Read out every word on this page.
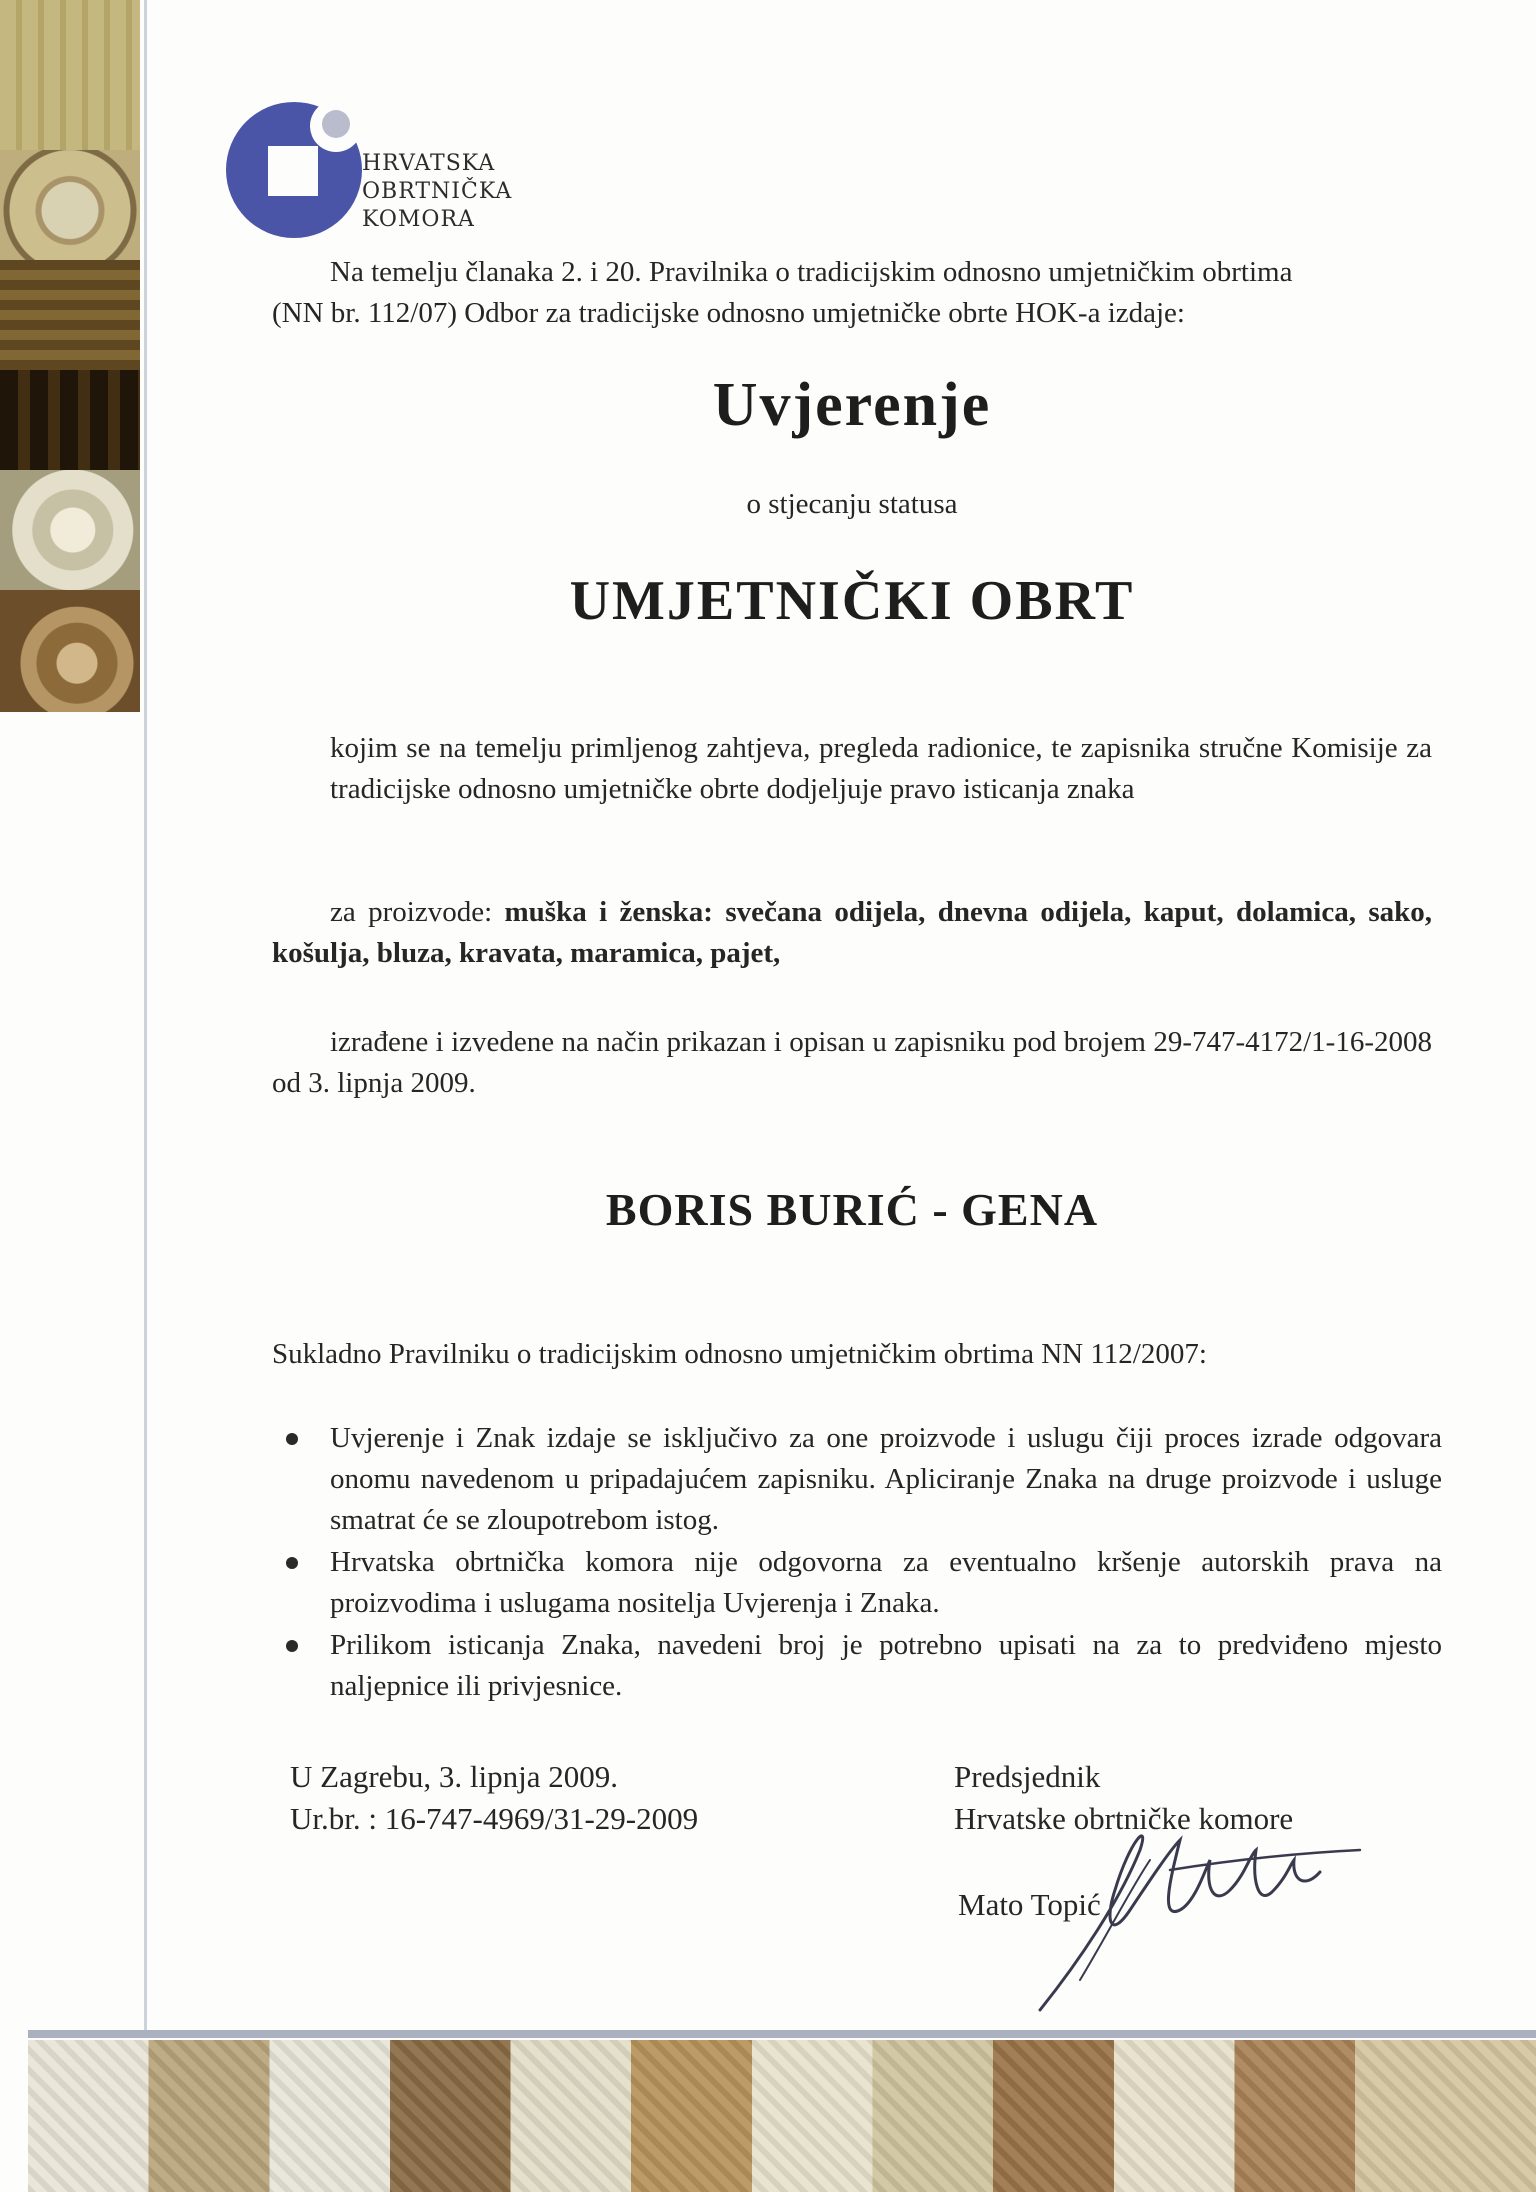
HRVATSKA
OBRTNIČKA
KOMORA
Na temelju članaka 2. i 20. Pravilnika o tradicijskim odnosno umjetničkim obrtima
(NN br. 112/07) Odbor za tradicijske odnosno umjetničke obrte HOK-a izdaje:
Uvjerenje
o stjecanju statusa
UMJETNIČKI OBRT
kojim se na temelju primljenog zahtjeva, pregleda radionice, te zapisnika stručne Komisije za tradicijske odnosno umjetničke obrte dodjeljuje pravo isticanja znaka
za proizvode: muška i ženska: svečana odijela, dnevna odijela, kaput, dolamica, sako, košulja, bluza, kravata, maramica, pajet,
izrađene i izvedene na način prikazan i opisan u zapisniku pod brojem 29-747-4172/1-16-2008 od 3. lipnja 2009.
BORIS BURIĆ - GENA
Sukladno Pravilniku o tradicijskim odnosno umjetničkim obrtima NN 112/2007:
Uvjerenje i Znak izdaje se isključivo za one proizvode i uslugu čiji proces izrade odgovara onomu navedenom u pripadajućem zapisniku. Apliciranje Znaka na druge proizvode i usluge smatrat će se zloupotrebom istog.
Hrvatska obrtnička komora nije odgovorna za eventualno kršenje autorskih prava na proizvodima i uslugama nositelja Uvjerenja i Znaka.
Prilikom isticanja Znaka, navedeni broj je potrebno upisati na za to predviđeno mjesto naljepnice ili privjesnice.
U Zagrebu, 3. lipnja 2009.
Ur.br. : 16-747-4969/31-29-2009
Predsjednik
Hrvatske obrtničke komore
Mato Topić
